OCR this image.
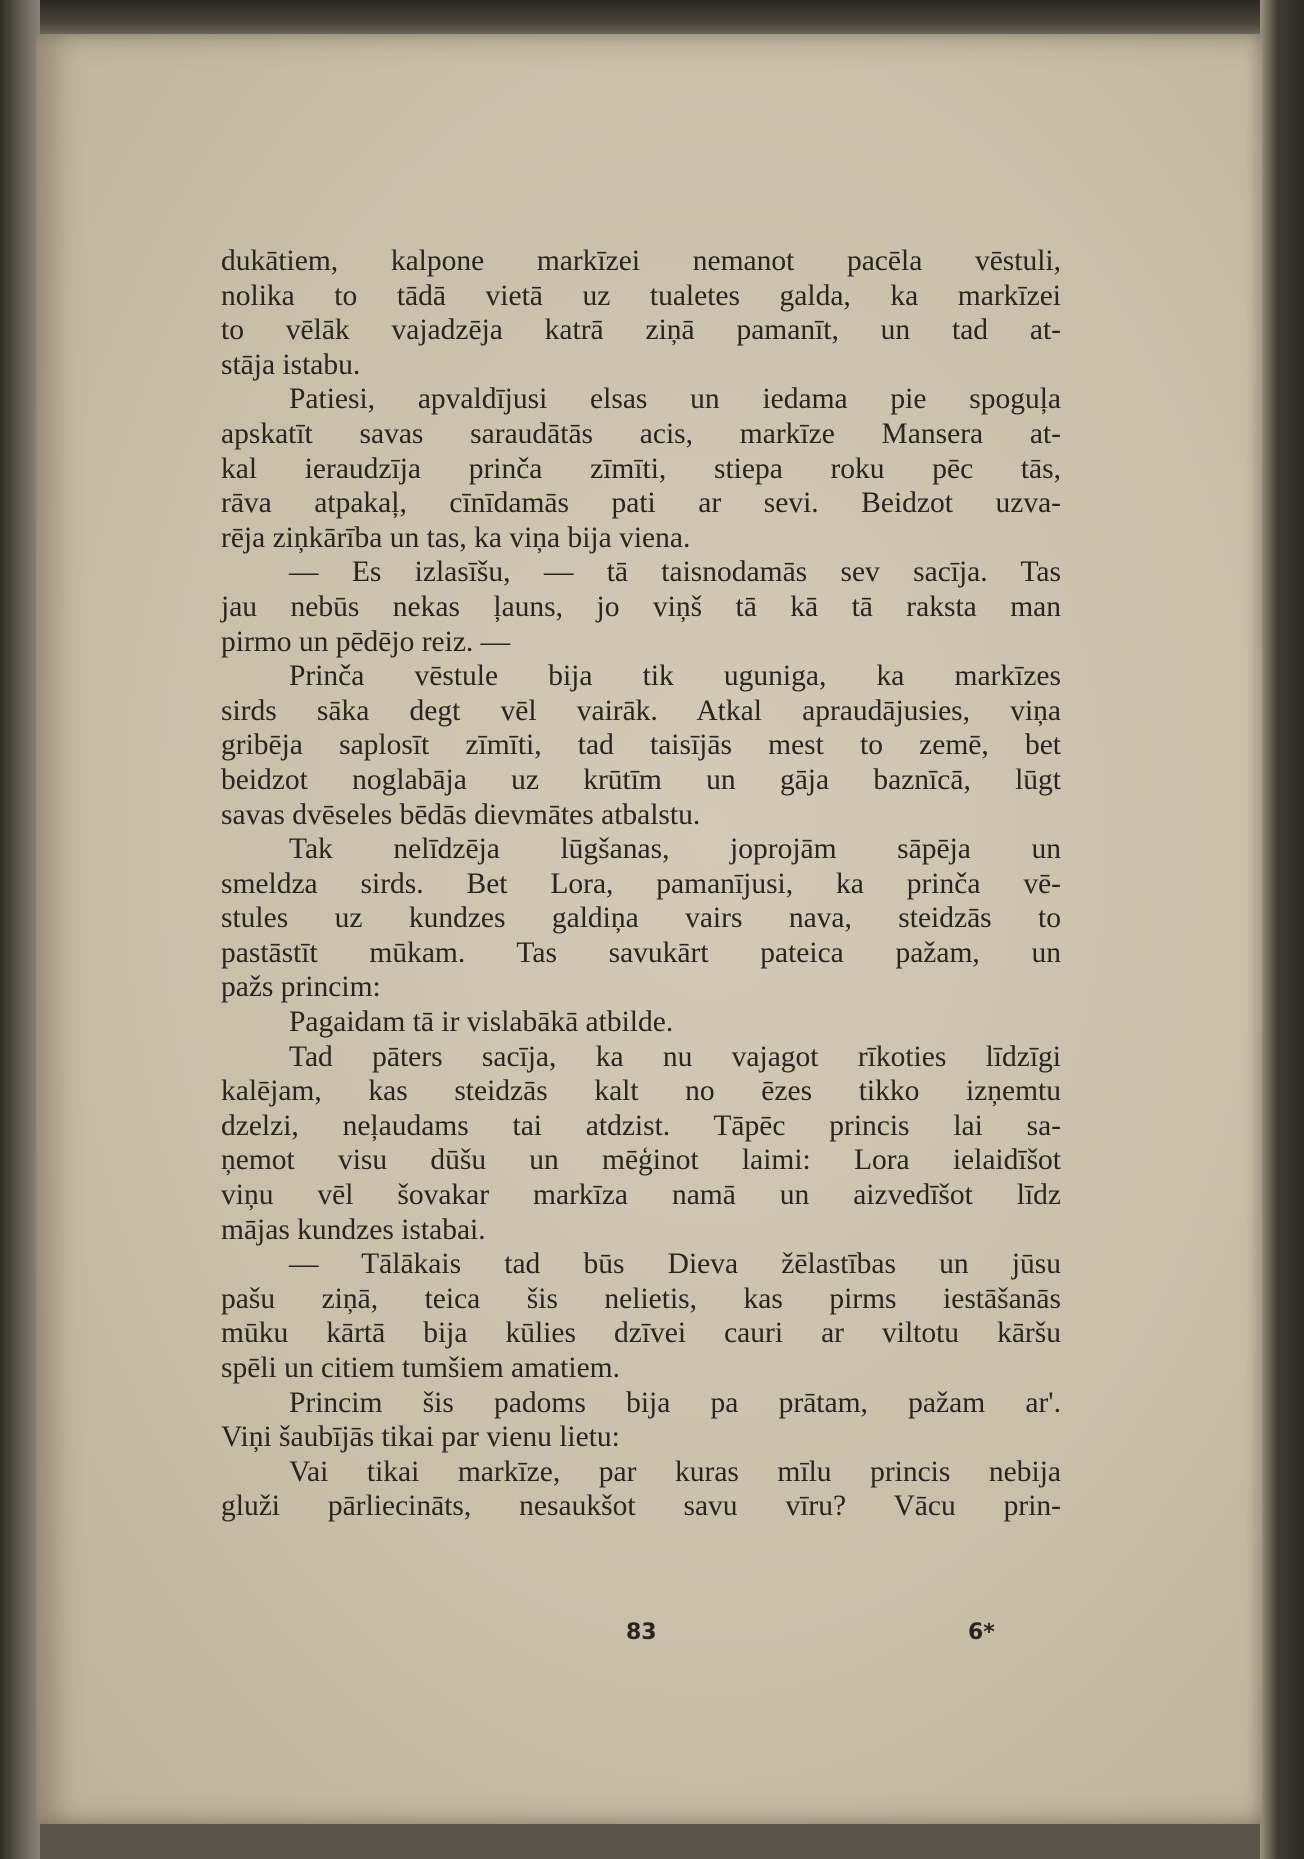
dukātiem, kalpone markīzei nemanot pacēla vēstuli,
nolika to tādā vietā uz tualetes galda, ka markīzei
to vēlāk vajadzēja katrā ziņā pamanīt, un tad at-
stāja istabu.
Patiesi, apvaldījusi elsas un iedama pie spoguļa
apskatīt savas saraudātās acis, markīze Mansera at-
kal ieraudzīja prinča zīmīti, stiepa roku pēc tās,
rāva atpakaļ, cīnīdamās pati ar sevi. Beidzot uzva-
rēja ziņkārība un tas, ka viņa bija viena.
— Es izlasīšu, — tā taisnodamās sev sacīja. Tas
jau nebūs nekas ļauns, jo viņš tā kā tā raksta man
pirmo un pēdējo reiz. —
Prinča vēstule bija tik uguniga, ka markīzes
sirds sāka degt vēl vairāk. Atkal apraudājusies, viņa
gribēja saplosīt zīmīti, tad taisījās mest to zemē, bet
beidzot noglabāja uz krūtīm un gāja baznīcā, lūgt
savas dvēseles bēdās dievmātes atbalstu.
Tak nelīdzēja lūgšanas, joprojām sāpēja un
smeldza sirds. Bet Lora, pamanījusi, ka prinča vē-
stules uz kundzes galdiņa vairs nava, steidzās to
pastāstīt mūkam. Tas savukārt pateica pažam, un
pažs princim:
Pagaidam tā ir vislabākā atbilde.
Tad pāters sacīja, ka nu vajagot rīkoties līdzīgi
kalējam, kas steidzās kalt no ēzes tikko izņemtu
dzelzi, neļaudams tai atdzist. Tāpēc princis lai sa-
ņemot visu dūšu un mēģinot laimi: Lora ielaidīšot
viņu vēl šovakar markīza namā un aizvedīšot līdz
mājas kundzes istabai.
— Tālākais tad būs Dieva žēlastības un jūsu
pašu ziņā, teica šis nelietis, kas pirms iestāšanās
mūku kārtā bija kūlies dzīvei cauri ar viltotu kāršu
spēli un citiem tumšiem amatiem.
Princim šis padoms bija pa prātam, pažam ar'.
Viņi šaubījās tikai par vienu lietu:
Vai tikai markīze, par kuras mīlu princis nebija
gluži pārliecināts, nesaukšot savu vīru? Vācu prin-
83	6*
